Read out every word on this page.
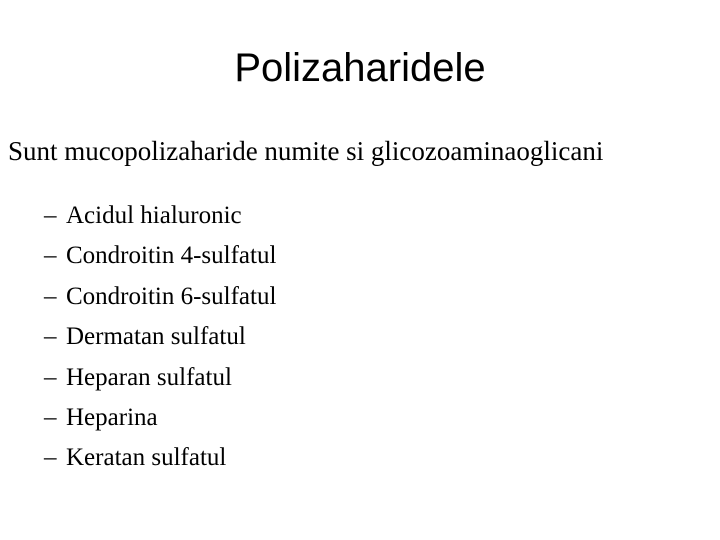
Polizaharidele

Sunt mucopolizaharide numite si glicozoaminaoglicani

– Acidul hialuronic
– Condroitin 4-sulfatul
– Condroitin 6-sulfatul
– Dermatan sulfatul
– Heparan sulfatul
– Heparina
– Keratan sulfatul
